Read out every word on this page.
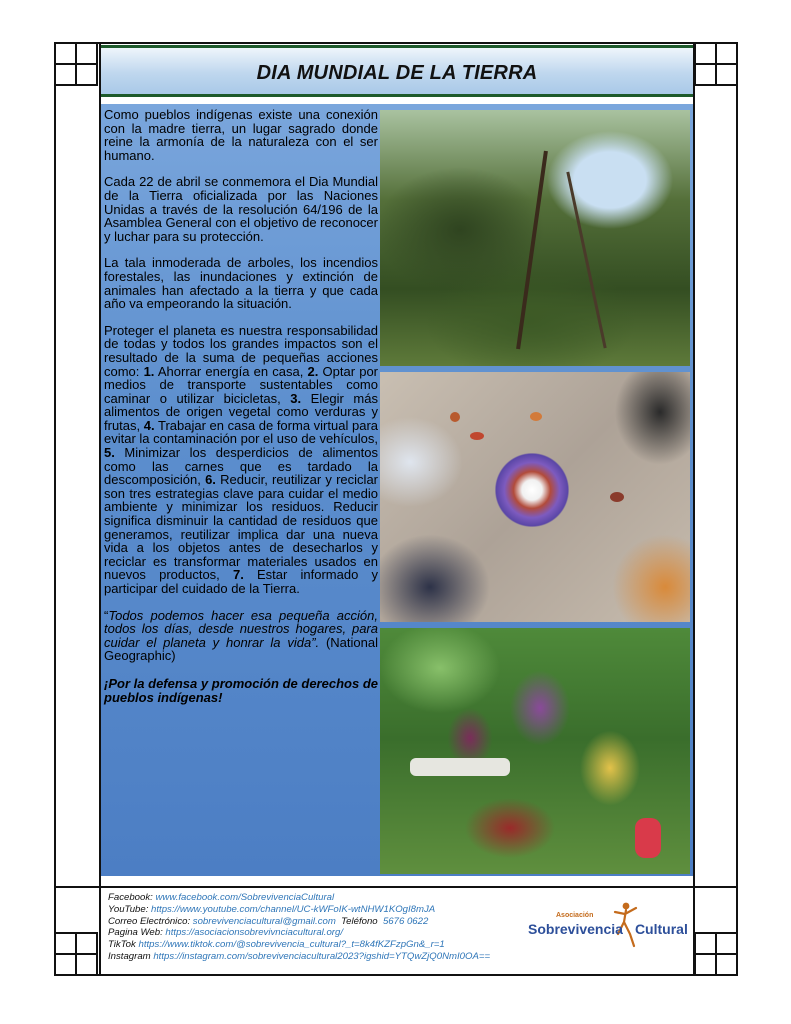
DIA MUNDIAL DE LA TIERRA

Como pueblos indígenas existe una conexión con la madre tierra, un lugar sagrado donde reine la armonía de la naturaleza con el ser humano.

Cada 22 de abril se conmemora el Dia Mundial de la Tierra oficializada por las Naciones Unidas a través de la resolución 64/196 de la Asamblea General con el objetivo de reconocer y luchar para su protección.

La tala inmoderada de arboles, los incendios forestales, las inundaciones y extinción de animales han afectado a la tierra y que cada año va empeorando la situación.

Proteger el planeta es nuestra responsabilidad de todas y todos los grandes impactos son el resultado de la suma de pequeñas acciones como: 1. Ahorrar energía en casa, 2. Optar por medios de transporte sustentables como caminar o utilizar bicicletas, 3. Elegir más alimentos de origen vegetal como verduras y frutas, 4. Trabajar en casa de forma virtual para evitar la contaminación por el uso de vehículos, 5. Minimizar los desperdicios de alimentos como las carnes que es tardado la descomposición, 6. Reducir, reutilizar y reciclar son tres estrategias clave para cuidar el medio ambiente y minimizar los residuos. Reducir significa disminuir la cantidad de residuos que generamos, reutilizar implica dar una nueva vida a los objetos antes de desecharlos y reciclar es transformar materiales usados en nuevos productos, 7. Estar informado y participar del cuidado de la Tierra.

“Todos podemos hacer esa pequeña acción, todos los días, desde nuestros hogares, para cuidar el planeta y honrar la vida”. (National Geographic)

¡Por la defensa y promoción de derechos de pueblos indígenas!

Facebook: www.facebook.com/SobrevivenciaCultural
YouTube: https://www.youtube.com/channel/UC-kWFoIK-wtNHW1KOgI8mJA
Correo Electrónico: sobrevivenciacultural@gmail.com  Teléfono  5676 0622
Pagina Web: https://asociacionsobrevivnciacultural.org/
TikTok https://www.tiktok.com/@sobrevivencia_cultural?_t=8k4fKZFzpGn&_r=1
Instagram https://instagram.com/sobrevivenciacultural2023?igshid=YTQwZjQ0NmI0OA==
Asociación
Sobrevivencia Cultural
